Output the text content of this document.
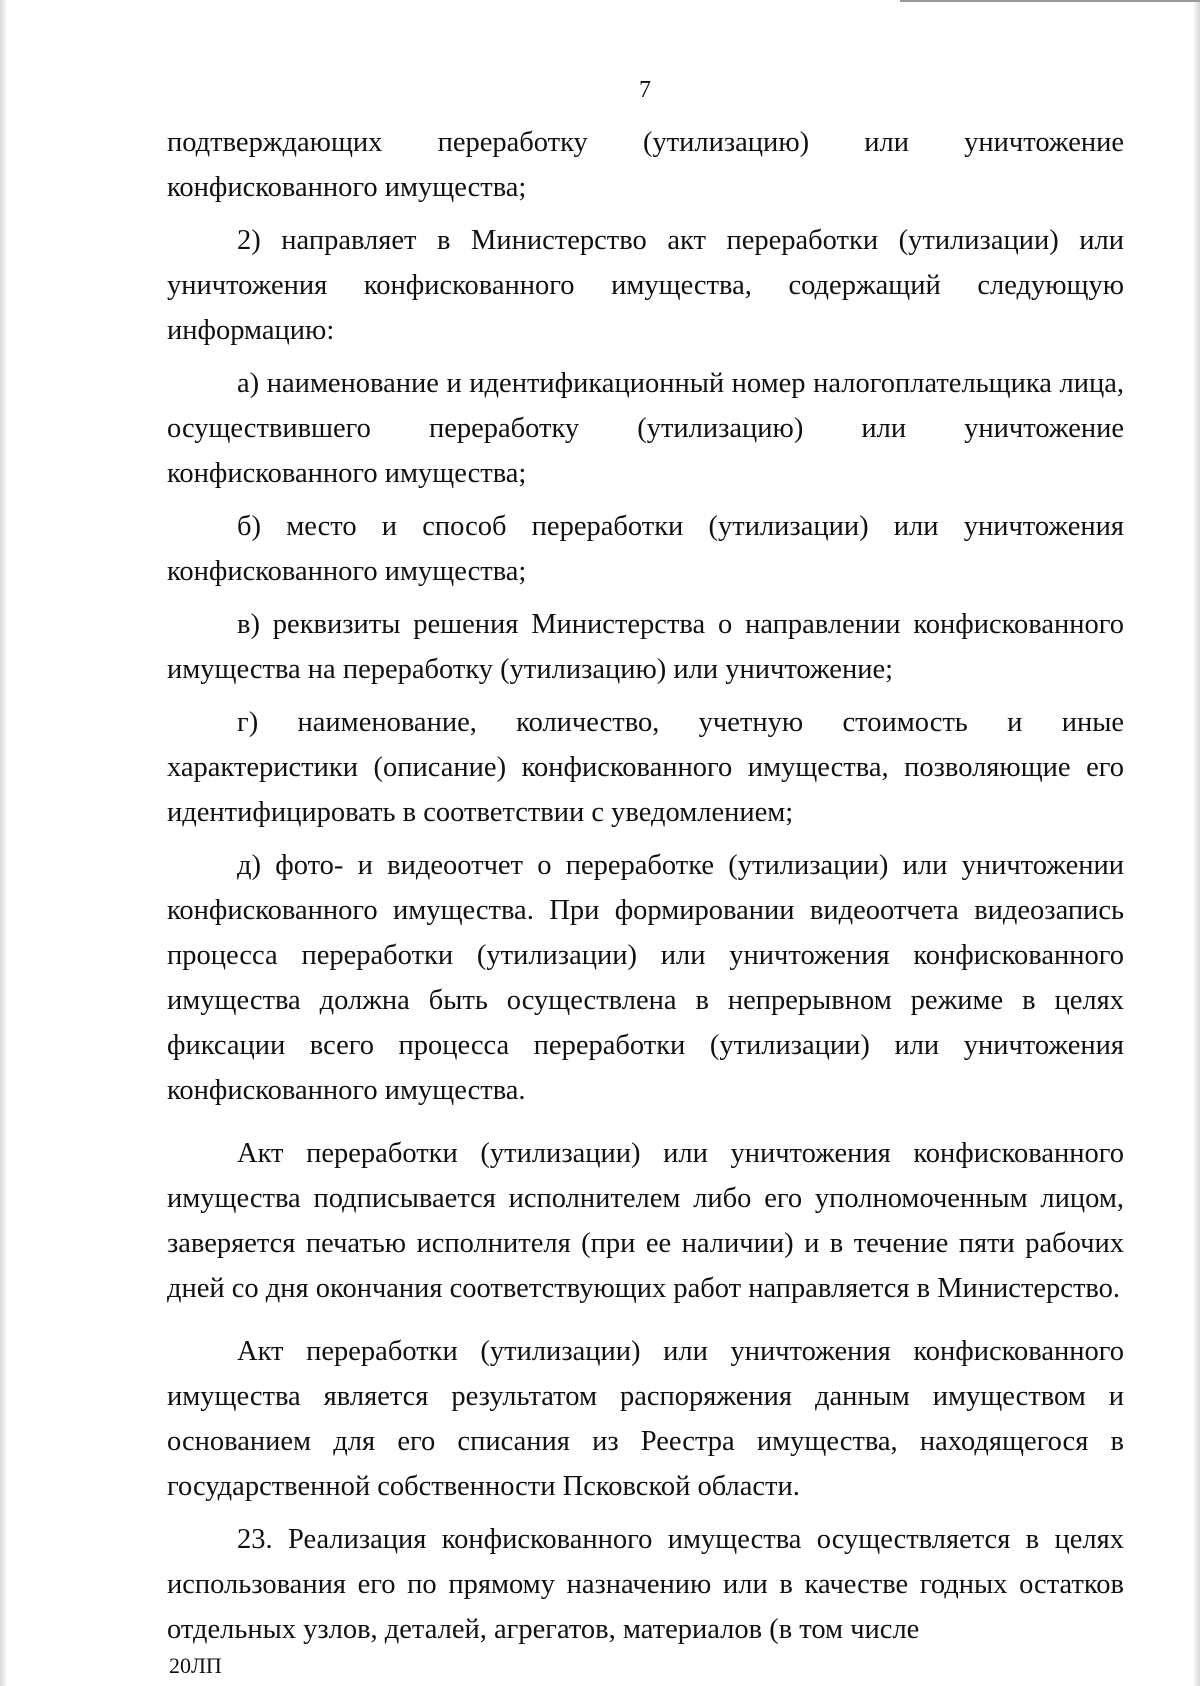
7

подтверждающих переработку (утилизацию) или уничтожение конфискованного имущества;

2) направляет в Министерство акт переработки (утилизации) или уничтожения конфискованного имущества, содержащий следующую информацию:

а) наименование и идентификационный номер налогоплательщика лица, осуществившего переработку (утилизацию) или уничтожение конфискованного имущества;

б) место и способ переработки (утилизации) или уничтожения конфискованного имущества;

в) реквизиты решения Министерства о направлении конфискованного имущества на переработку (утилизацию) или уничтожение;

г) наименование, количество, учетную стоимость и иные характеристики (описание) конфискованного имущества, позволяющие его идентифицировать в соответствии с уведомлением;

д) фото- и видеоотчет о переработке (утилизации) или уничтожении конфискованного имущества. При формировании видеоотчета видеозапись процесса переработки (утилизации) или уничтожения конфискованного имущества должна быть осуществлена в непрерывном режиме в целях фиксации всего процесса переработки (утилизации) или уничтожения конфискованного имущества.

Акт переработки (утилизации) или уничтожения конфискованного имущества подписывается исполнителем либо его уполномоченным лицом, заверяется печатью исполнителя (при ее наличии) и в течение пяти рабочих дней со дня окончания соответствующих работ направляется в Министерство.

Акт переработки (утилизации) или уничтожения конфискованного имущества является результатом распоряжения данным имуществом и основанием для его списания из Реестра имущества, находящегося в государственной собственности Псковской области.

23. Реализация конфискованного имущества осуществляется в целях использования его по прямому назначению или в качестве годных остатков отдельных узлов, деталей, агрегатов, материалов (в том числе

20ЛП
